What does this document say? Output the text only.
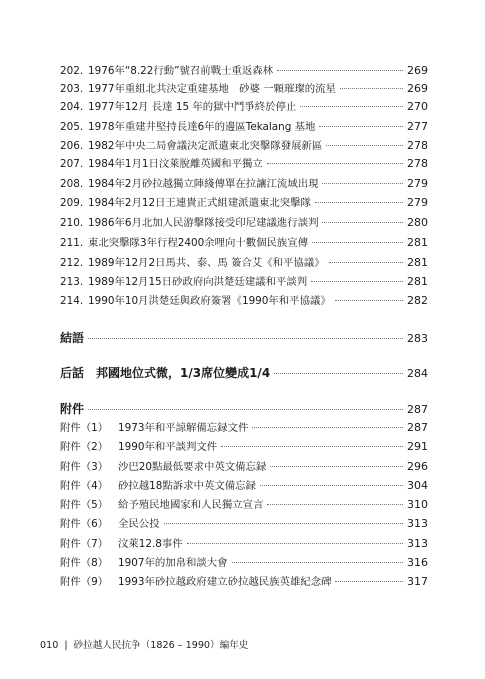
202. 1976年“8.22行動”號召前戰士重返森林	269
203. 1977年重組北共決定重建基地　砂婆 一顆璀璨的流星	269
204. 1977年12月 長達 15 年的獄中鬥爭終於停止	270
205. 1978年重建井堅持長達6年的邊區Tekalang 基地	277
206. 1982年中央二局會議決定派遣東北突擊隊發展新區	278
207. 1984年1月1日汶萊脫離英國和平獨立	278
208. 1984年2月砂拉越獨立陣綫傳單在拉讓江流域出現	279
209. 1984年2月12日王連貴正式組建派遣東北突擊隊	279
210. 1986年6月北加人民游擊隊接受印尼建議進行談判	280
211. 東北突擊隊3年行程2400余哩向十數個民族宣傳	281
212. 1989年12月2日馬共、泰、馬 簽合艾《和平協議》	281
213. 1989年12月15日砂政府向洪楚廷建議和平談判	281
214. 1990年10月洪楚廷與政府簽署《1990年和平協議》	282
結語	283
后話　邦國地位式微，1/3席位變成1/4	284
附件	287
附件（1） 1973年和平諒解備忘録文件	287
附件（2） 1990年和平談判文件	291
附件（3） 沙巴20點最低要求中英文備忘録	296
附件（4） 砂拉越18點訴求中英文備忘録	304
附件（5） 給予殖民地國家和人民獨立宣言	310
附件（6） 全民公投	313
附件（7） 汶萊12.8事件	313
附件（8） 1907年的加帛和談大會	316
附件（9） 1993年砂拉越政府建立砂拉越民族英雄紀念碑	317
010 | 砂拉越人民抗争（1826 – 1990）編年史
